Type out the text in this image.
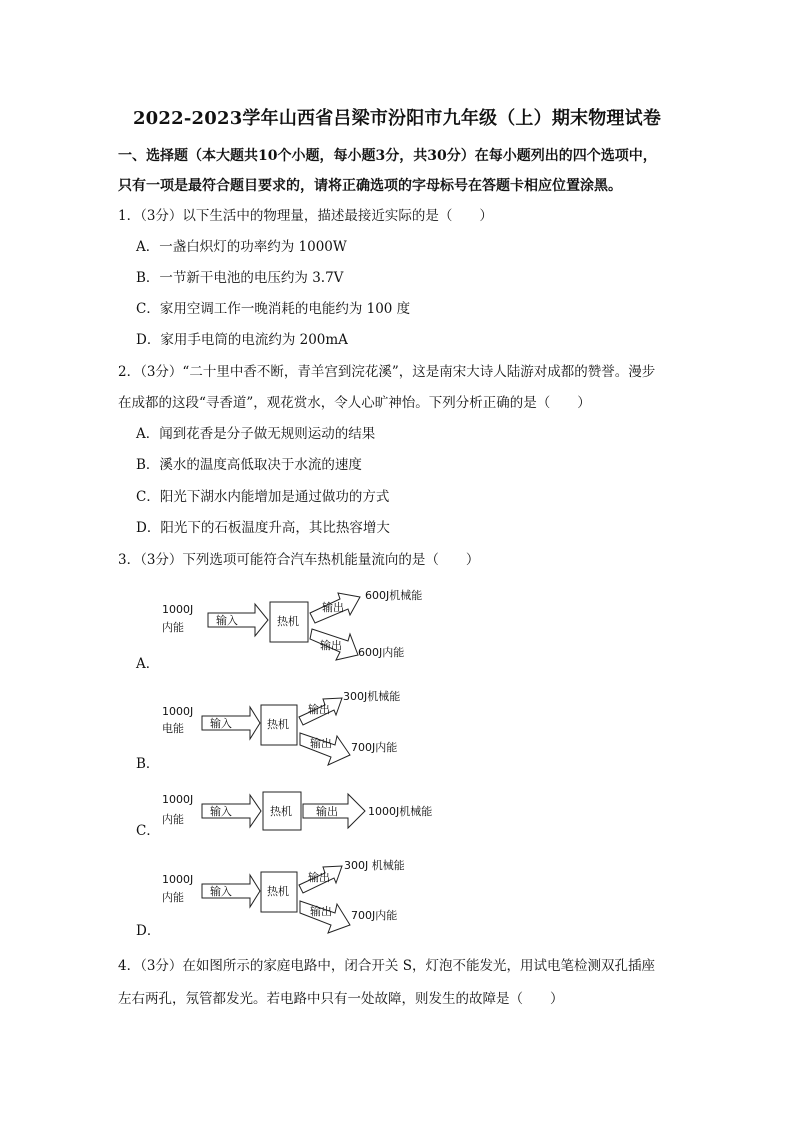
2022-2023学年山西省吕梁市汾阳市九年级（上）期末物理试卷
一、选择题（本大题共10个小题，每小题3分，共30分）在每小题列出的四个选项中，
只有一项是最符合题目要求的，请将正确选项的字母标号在答题卡相应位置涂黑。
1．（3分）以下生活中的物理量，描述最接近实际的是（　　）
A．一盏白炽灯的功率约为 1000W
B．一节新干电池的电压约为 3.7V
C．家用空调工作一晚消耗的电能约为 100 度
D．家用手电筒的电流约为 200mA
2．（3分）“二十里中香不断，青羊宫到浣花溪”，这是南宋大诗人陆游对成都的赞誉。漫步
在成都的这段“寻香道”，观花赏水，令人心旷神怡。下列分析正确的是（　　）
A．闻到花香是分子做无规则运动的结果
B．溪水的温度高低取决于水流的速度
C．阳光下湖水内能增加是通过做功的方式
D．阳光下的石板温度升高，其比热容增大
3．（3分）下列选项可能符合汽车热机能量流向的是（　　）
A．
1000J
内能
输入	热机
输出
输出
600J机械能
600J内能
B．
1000J
电能 输入	热机
输出
输出
300J机械能
700J内能
C．
1000J
内能
输入	热机 输出	1000J机械能
D．
1000J
内能 输入	热机
输出
输出
300J 机械能
700J内能
4．（3分）在如图所示的家庭电路中，闭合开关 S，灯泡不能发光，用试电笔检测双孔插座
左右两孔，氖管都发光。若电路中只有一处故障，则发生的故障是（　　）
